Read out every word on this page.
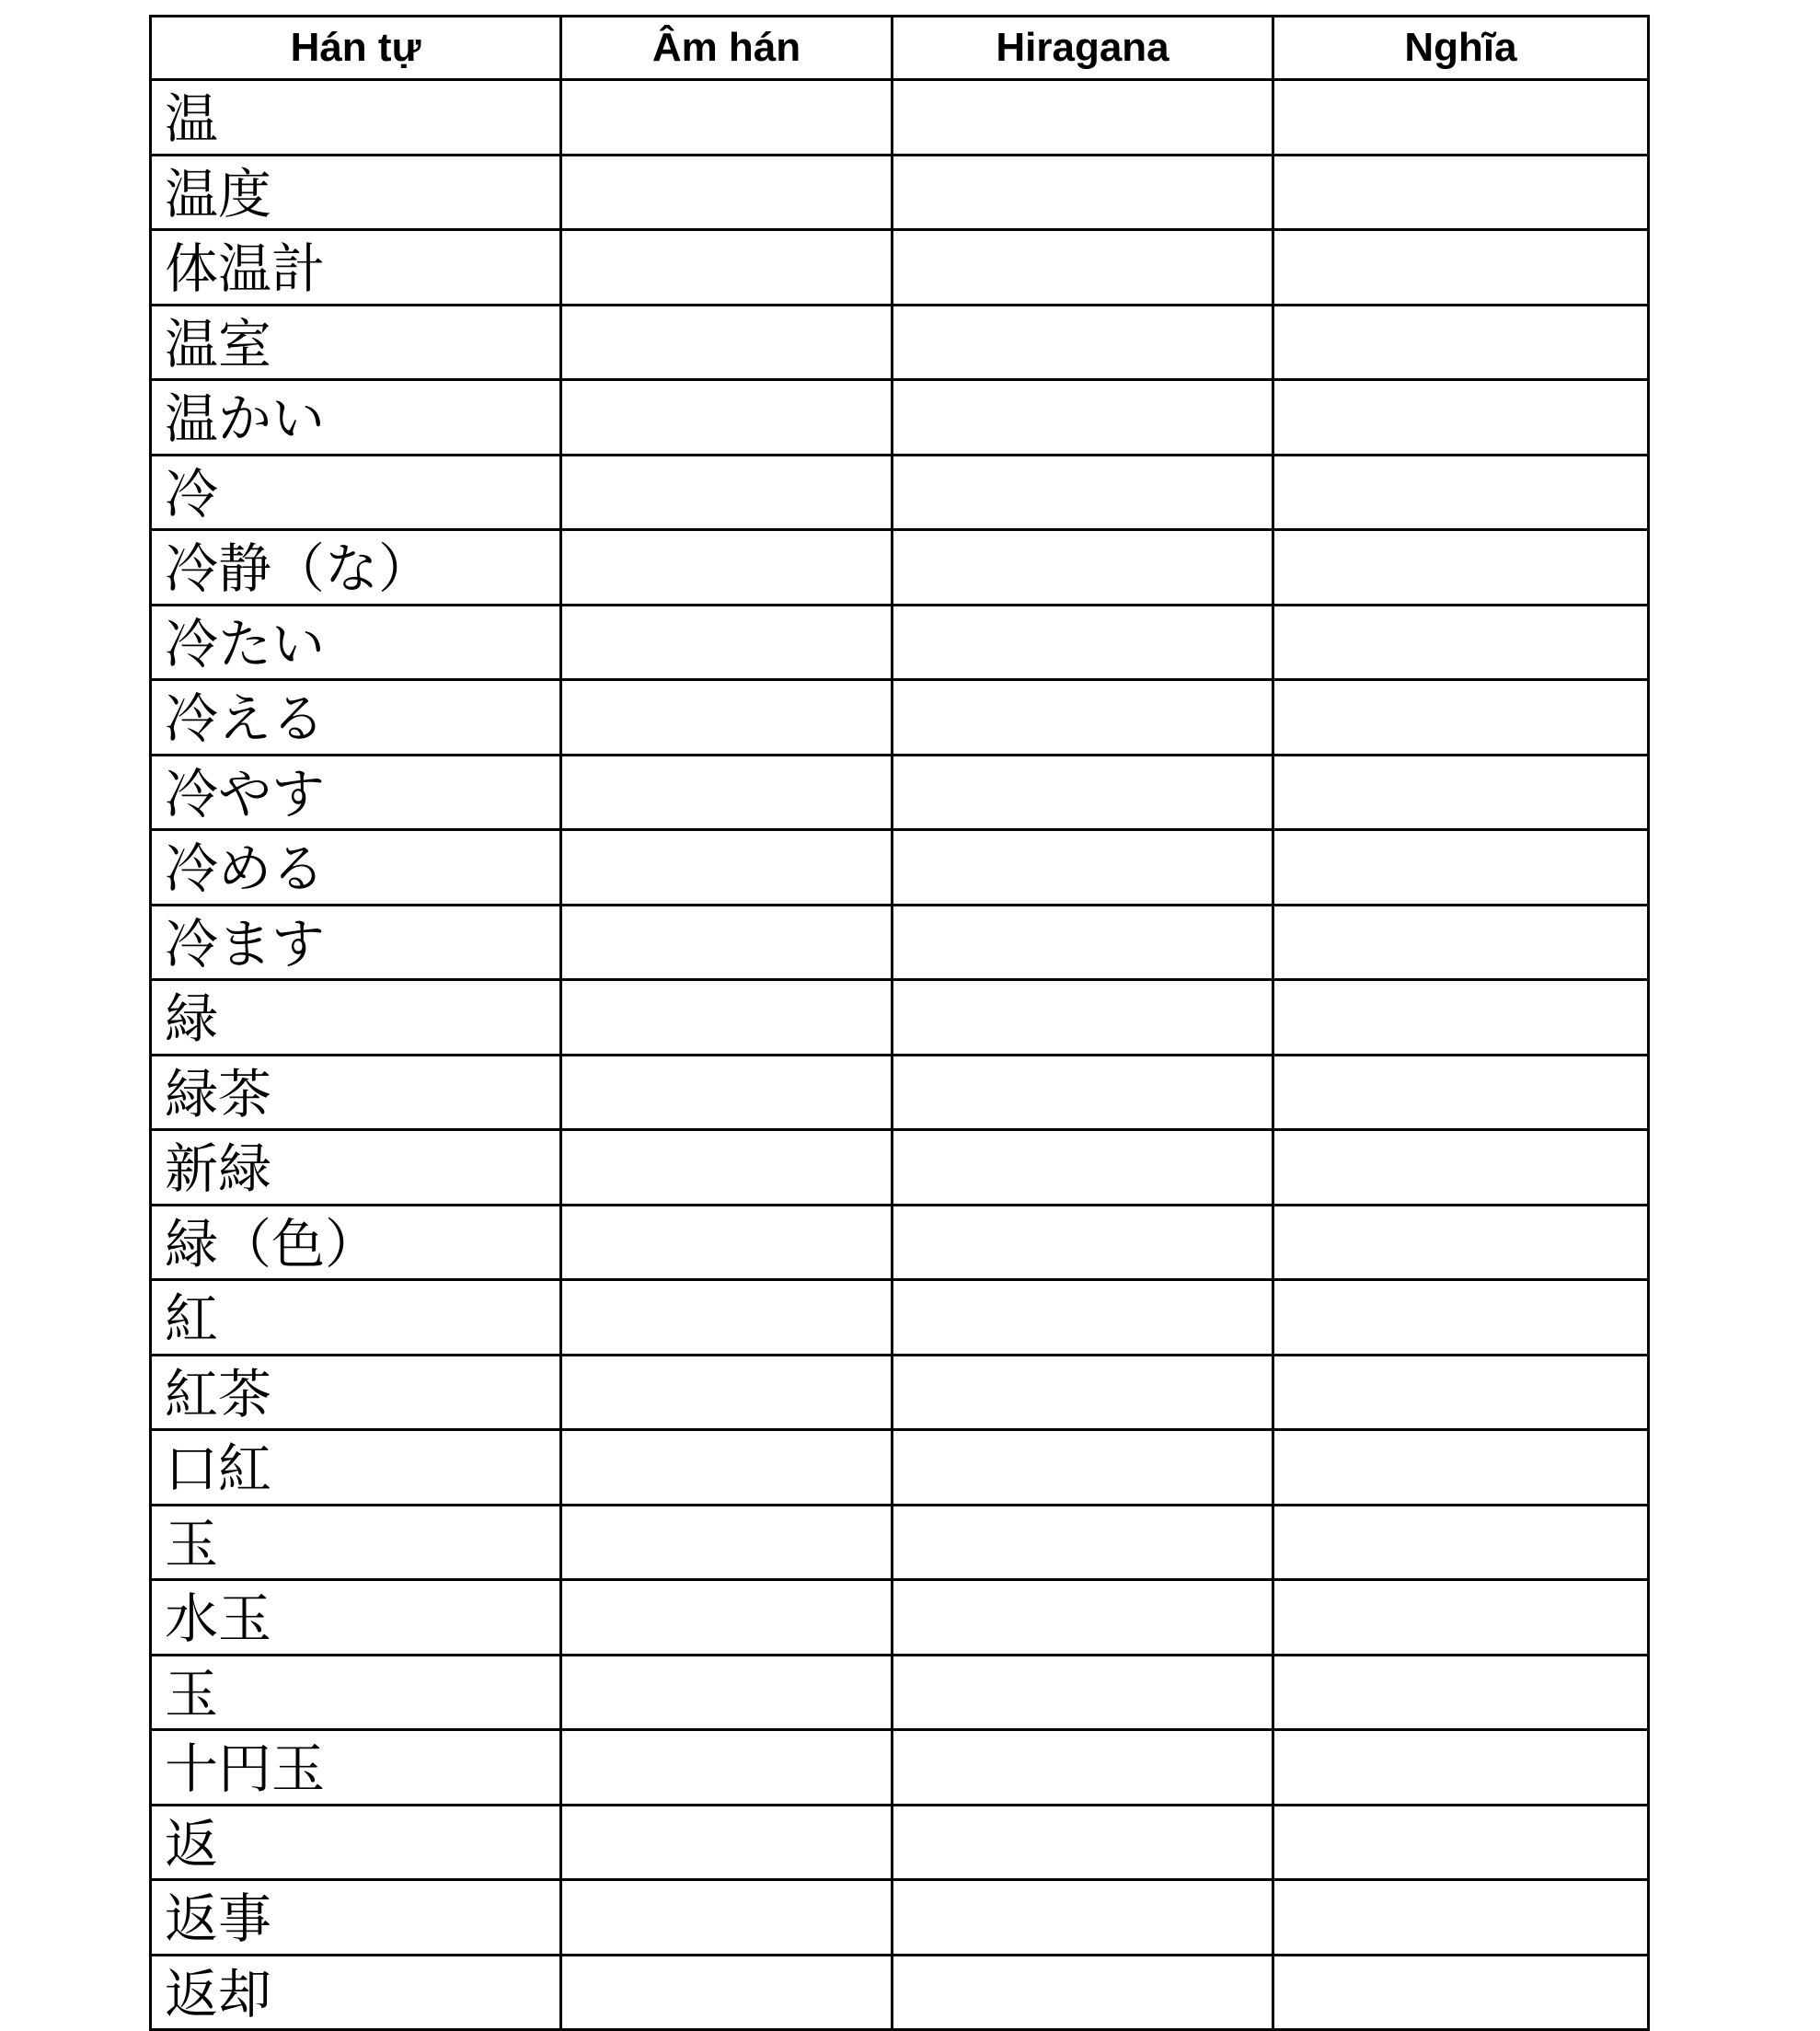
Hán tự	Âm hán	Hiragana	Nghĩa
温			
温度			
体温計			
温室			
温かい			
冷			
冷静（な）			
冷たい			
冷える			
冷やす			
冷める			
冷ます			
緑			
緑茶			
新緑			
緑（色）			
紅			
紅茶			
口紅			
玉			
水玉			
玉			
十円玉			
返			
返事			
返却			
